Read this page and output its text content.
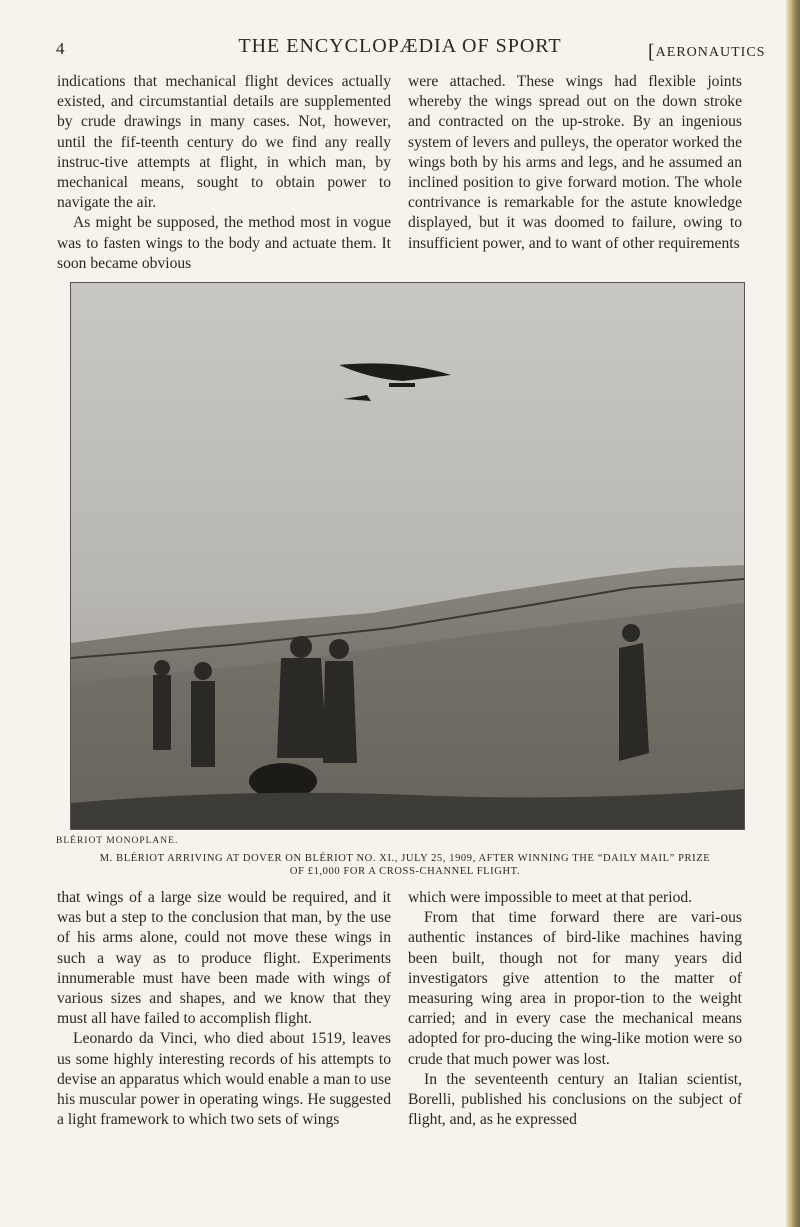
4	THE ENCYCLOPÆDIA OF SPORT	[AERONAUTICS

indications that mechanical flight devices actually existed, and circumstantial details are supplemented by crude drawings in many cases. Not, however, until the fif-teenth century do we find any really instruc-tive attempts at flight, in which man, by mechanical means, sought to obtain power to navigate the air.

As might be supposed, the method most in vogue was to fasten wings to the body and actuate them. It soon became obvious

were attached. These wings had flexible joints whereby the wings spread out on the down stroke and contracted on the up-stroke. By an ingenious system of levers and pulleys, the operator worked the wings both by his arms and legs, and he assumed an inclined position to give forward motion. The whole contrivance is remarkable for the astute knowledge displayed, but it was doomed to failure, owing to insufficient power, and to want of other requirements

BLÉRIOT MONOPLANE.
M. BLÉRIOT ARRIVING AT DOVER ON BLÉRIOT NO. XI., JULY 25, 1909, AFTER WINNING THE “DAILY MAIL” PRIZE
OF £1,000 FOR A CROSS-CHANNEL FLIGHT.

that wings of a large size would be required, and it was but a step to the conclusion that man, by the use of his arms alone, could not move these wings in such a way as to produce flight. Experiments innumerable must have been made with wings of various sizes and shapes, and we know that they must all have failed to accomplish flight.

Leonardo da Vinci, who died about 1519, leaves us some highly interesting records of his attempts to devise an apparatus which would enable a man to use his muscular power in operating wings. He suggested a light framework to which two sets of wings

which were impossible to meet at that period.

From that time forward there are vari-ous authentic instances of bird-like machines having been built, though not for many years did investigators give attention to the matter of measuring wing area in propor-tion to the weight carried; and in every case the mechanical means adopted for pro-ducing the wing-like motion were so crude that much power was lost.

In the seventeenth century an Italian scientist, Borelli, published his conclusions on the subject of flight, and, as he expressed
